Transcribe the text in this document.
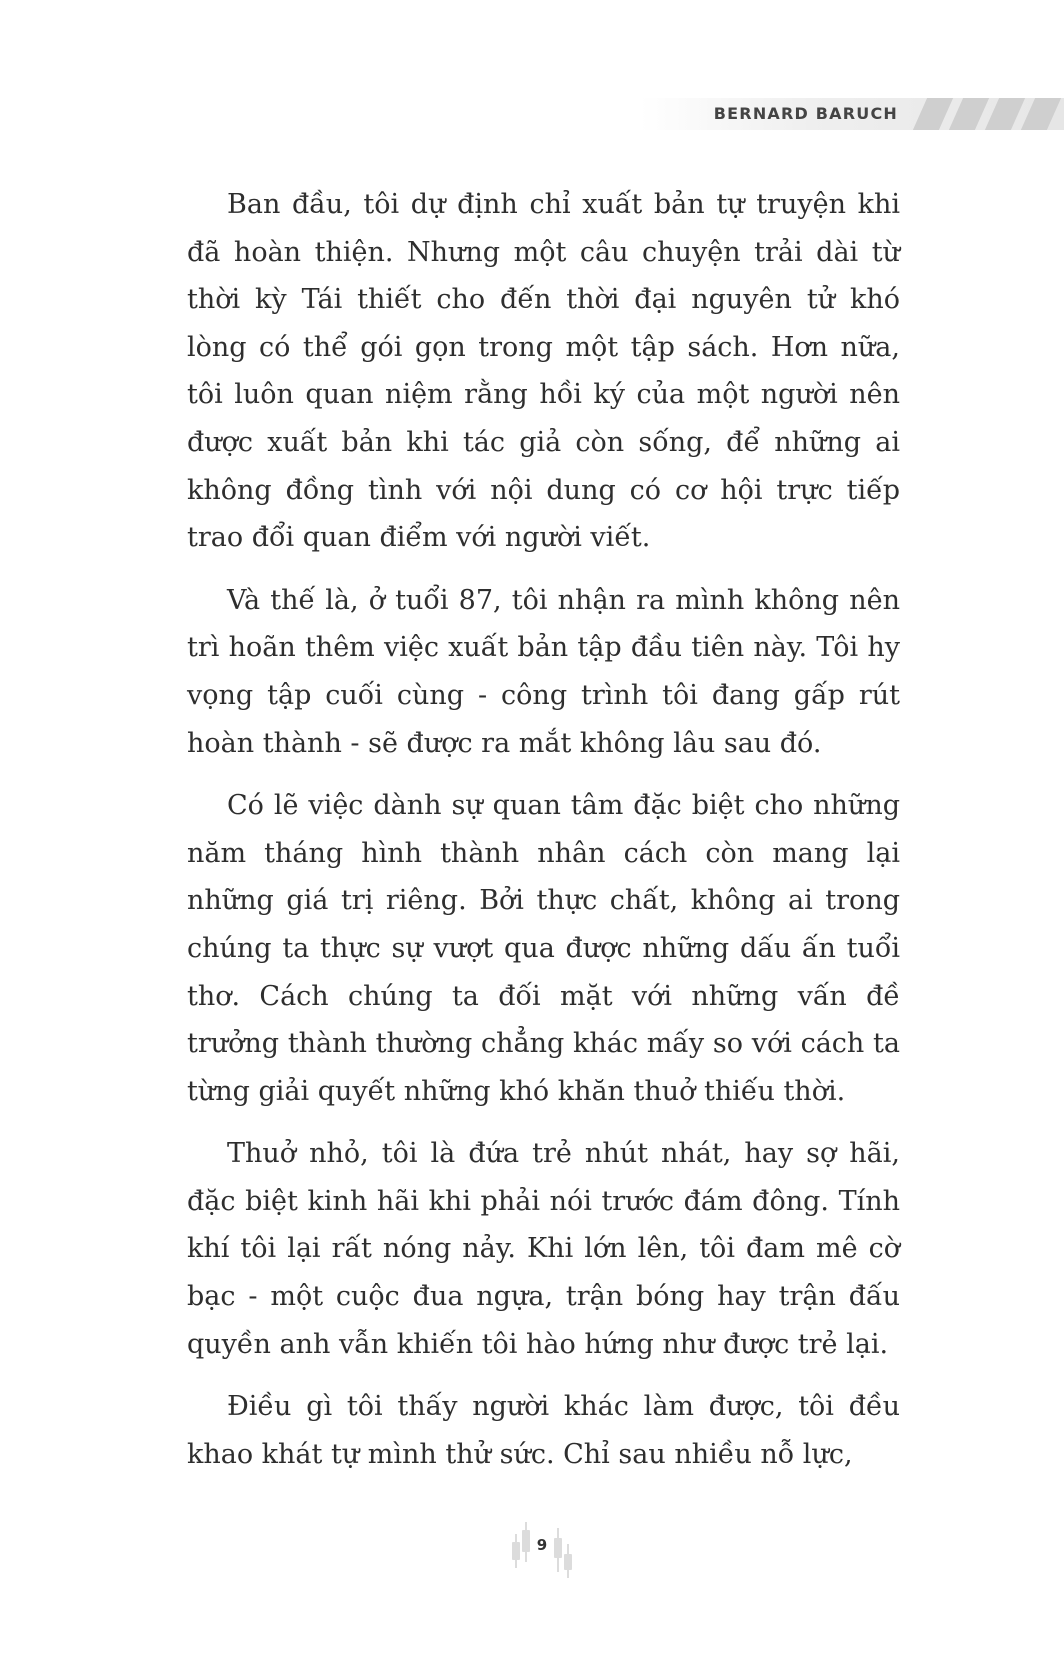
BERNARD BARUCH

Ban đầu, tôi dự định chỉ xuất bản tự truyện khi đã hoàn thiện. Nhưng một câu chuyện trải dài từ thời kỳ Tái thiết cho đến thời đại nguyên tử khó lòng có thể gói gọn trong một tập sách. Hơn nữa, tôi luôn quan niệm rằng hồi ký của một người nên được xuất bản khi tác giả còn sống, để những ai không đồng tình với nội dung có cơ hội trực tiếp trao đổi quan điểm với người viết.

Và thế là, ở tuổi 87, tôi nhận ra mình không nên trì hoãn thêm việc xuất bản tập đầu tiên này. Tôi hy vọng tập cuối cùng - công trình tôi đang gấp rút hoàn thành - sẽ được ra mắt không lâu sau đó.

Có lẽ việc dành sự quan tâm đặc biệt cho những năm tháng hình thành nhân cách còn mang lại những giá trị riêng. Bởi thực chất, không ai trong chúng ta thực sự vượt qua được những dấu ấn tuổi thơ. Cách chúng ta đối mặt với những vấn đề trưởng thành thường chẳng khác mấy so với cách ta từng giải quyết những khó khăn thuở thiếu thời.

Thuở nhỏ, tôi là đứa trẻ nhút nhát, hay sợ hãi, đặc biệt kinh hãi khi phải nói trước đám đông. Tính khí tôi lại rất nóng nảy. Khi lớn lên, tôi đam mê cờ bạc - một cuộc đua ngựa, trận bóng hay trận đấu quyền anh vẫn khiến tôi hào hứng như được trẻ lại.

Điều gì tôi thấy người khác làm được, tôi đều khao khát tự mình thử sức. Chỉ sau nhiều nỗ lực,

9
